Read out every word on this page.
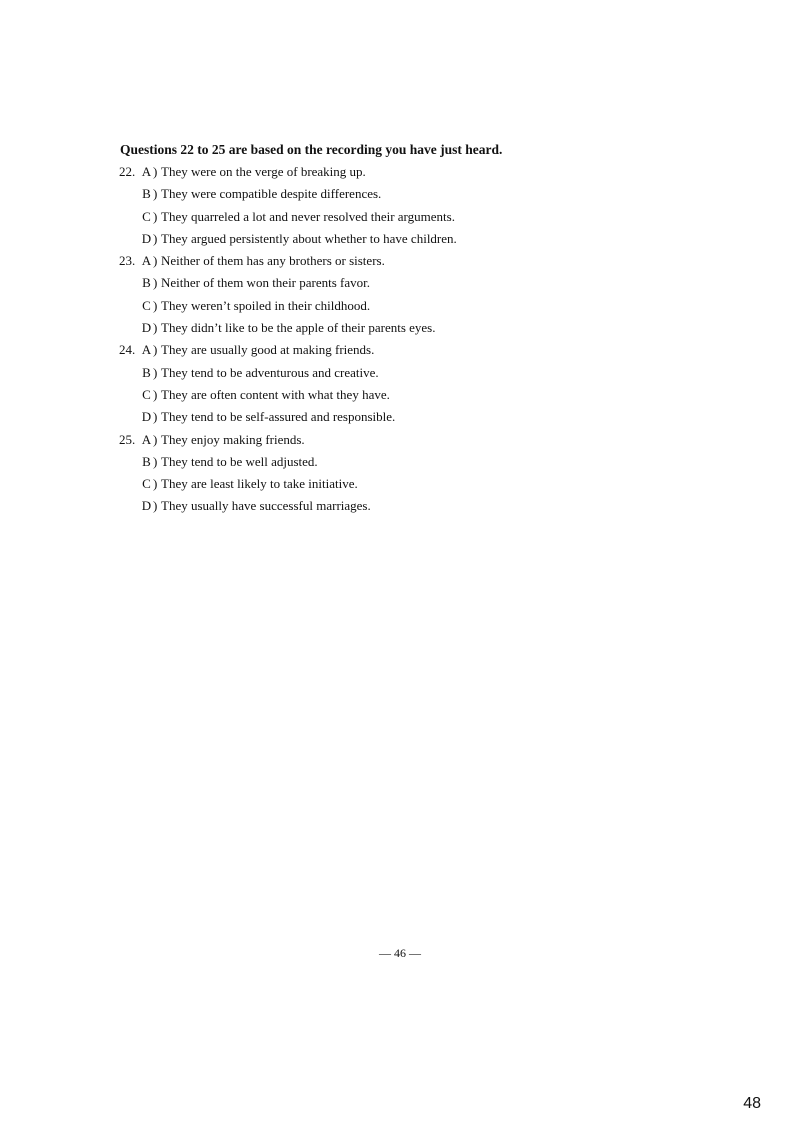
Questions 22 to 25 are based on the recording you have just heard.
22. A ) They were on the verge of breaking up.
B ) They were compatible despite differences.
C ) They quarreled a lot and never resolved their arguments.
D ) They argued persistently about whether to have children.
23. A ) Neither of them has any brothers or sisters.
B ) Neither of them won their parents favor.
C ) They weren’t spoiled in their childhood.
D ) They didn’t like to be the apple of their parents eyes.
24. A ) They are usually good at making friends.
B ) They tend to be adventurous and creative.
C ) They are often content with what they have.
D ) They tend to be self-assured and responsible.
25. A ) They enjoy making friends.
B ) They tend to be well adjusted.
C ) They are least likely to take initiative.
D ) They usually have successful marriages.
— 46 —
48
